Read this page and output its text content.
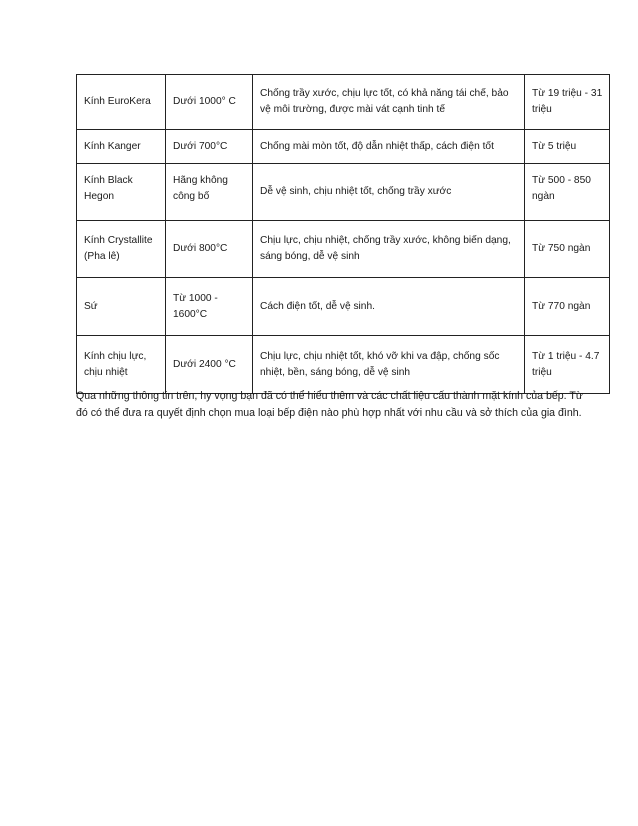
Kính EuroKera	Dưới 1000° C	Chống trầy xước, chịu lực tốt, có khả năng tái chế, bảo vệ môi trường, được mài vát cạnh tinh tế	Từ 19 triệu - 31 triệu
Kính Kanger	Dưới 700°C	Chống mài mòn tốt, độ dẫn nhiệt thấp, cách điện tốt	Từ 5 triệu
Kính Black Hegon	Hãng không công bố	Dễ vệ sinh, chịu nhiệt tốt, chống trầy xước	Từ 500 - 850 ngàn
Kính Crystallite (Pha lê)	Dưới 800°C	Chịu lực, chịu nhiệt, chống trầy xước, không biến dạng, sáng bóng, dễ vệ sinh	Từ 750 ngàn
Sứ	Từ 1000 - 1600°C	Cách điện tốt, dễ vệ sinh.	Từ 770 ngàn
Kính chịu lực, chịu nhiệt	Dưới 2400 °C	Chịu lực, chịu nhiệt tốt, khó vỡ khi va đập, chống sốc nhiệt, bền, sáng bóng, dễ vệ sinh	Từ 1 triệu - 4.7 triệu

Qua những thông tin trên, hy vọng bạn đã có thể hiểu thêm và các chất liệu cấu thành mặt kính của bếp. Từ đó có thể đưa ra quyết định chọn mua loại bếp điện nào phù hợp nhất với nhu cầu và sở thích của gia đình.
